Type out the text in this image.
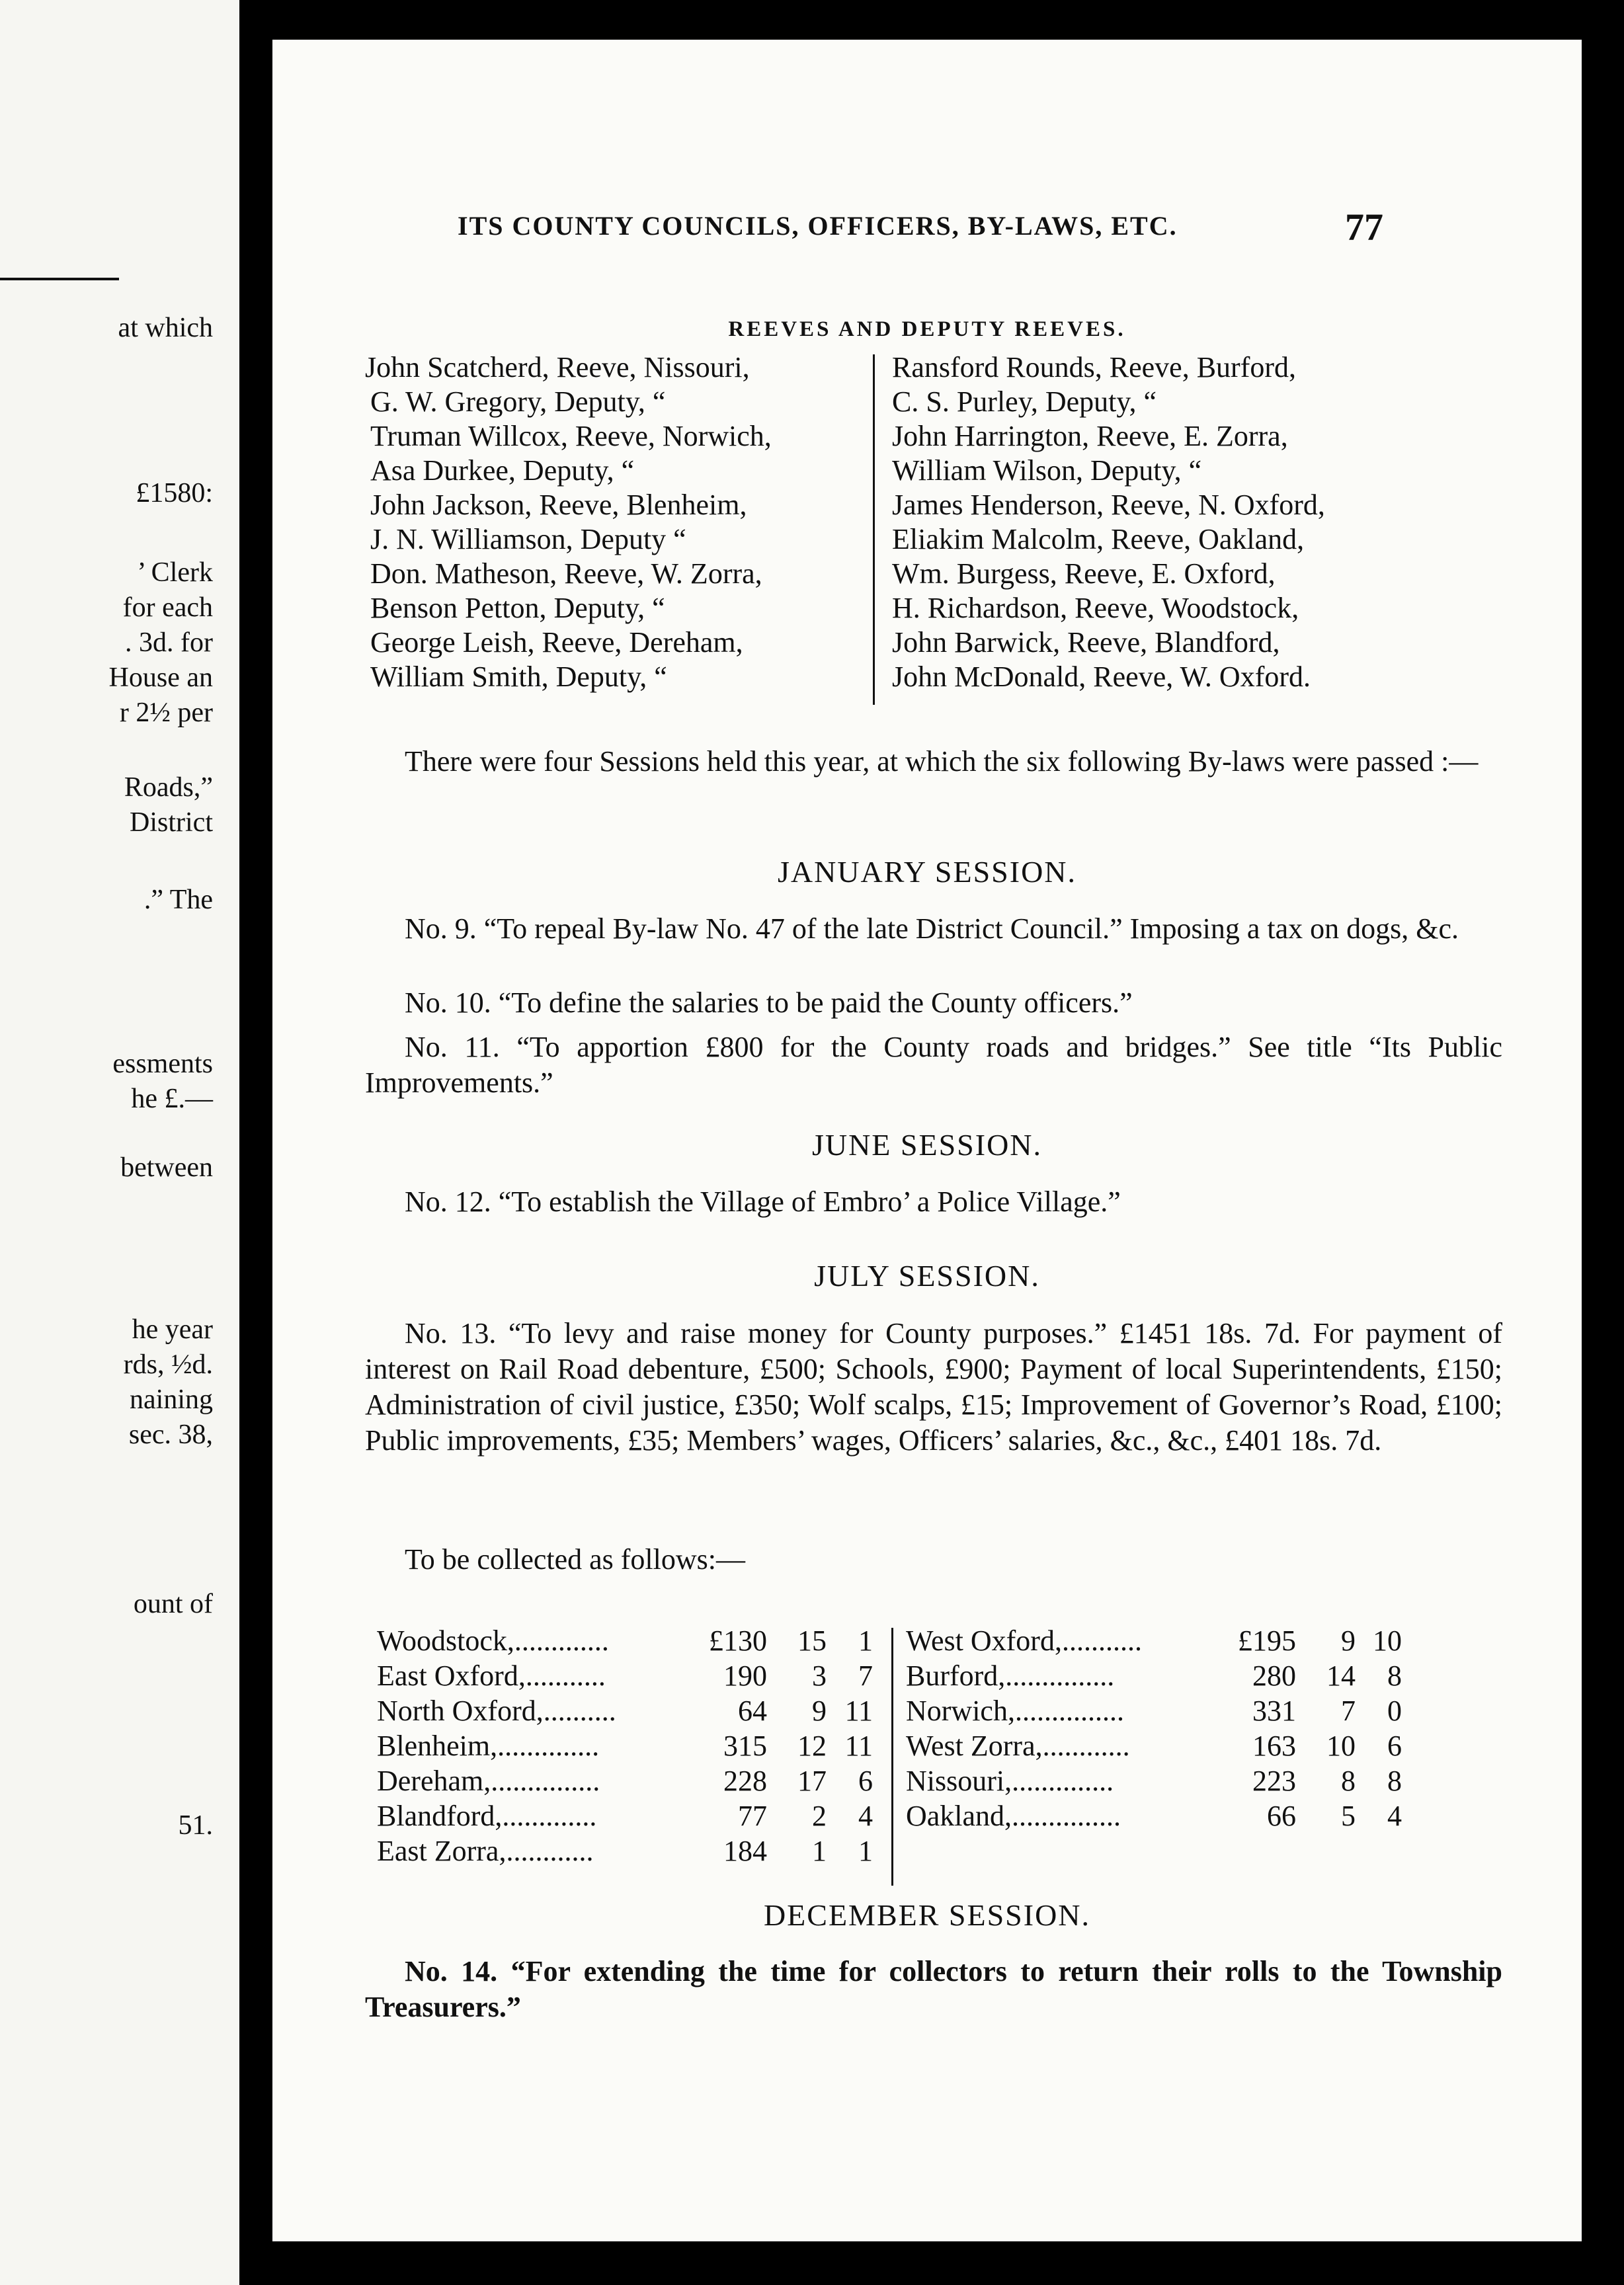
at which
£1580:
’ Clerk
for each
. 3d. for
House an
r 2½ per
Roads,”
District
.” The
essments
he £.—
between
he year
rds, ½d.
naining
sec. 38,
ount of
51.
ITS COUNTY COUNCILS, OFFICERS, BY-LAWS, ETC.	77
REEVES AND DEPUTY REEVES.
John Scatcherd, Reeve, Nissouri,
G. W. Gregory, Deputy, “
Truman Willcox, Reeve, Norwich,
Asa Durkee, Deputy, “
John Jackson, Reeve, Blenheim,
J. N. Williamson, Deputy “
Don. Matheson, Reeve, W. Zorra,
Benson Petton, Deputy, “
George Leish, Reeve, Dereham,
William Smith, Deputy, “
Ransford Rounds, Reeve, Burford,
C. S. Purley, Deputy, “
John Harrington, Reeve, E. Zorra,
William Wilson, Deputy, “
James Henderson, Reeve, N. Oxford,
Eliakim Malcolm, Reeve, Oakland,
Wm. Burgess, Reeve, E. Oxford,
H. Richardson, Reeve, Woodstock,
John Barwick, Reeve, Blandford,
John McDonald, Reeve, W. Oxford.
There were four Sessions held this year, at which the six following By-laws were passed :—
JANUARY SESSION.
No. 9. “To repeal By-law No. 47 of the late District Council.” Imposing a tax on dogs, &c.
No. 10. “To define the salaries to be paid the County officers.”
No. 11. “To apportion £800 for the County roads and bridges.” See title “Its Public Improvements.”
JUNE SESSION.
No. 12. “To establish the Village of Embro’ a Police Village.”
JULY SESSION.
No. 13. “To levy and raise money for County purposes.” £1451 18s. 7d. For payment of interest on Rail Road debenture, £500; Schools, £900; Payment of local Superintendents, £150; Administration of civil justice, £350; Wolf scalps, £15; Improvement of Governor’s Road, £100; Public improvements, £35; Members’ wages, Officers’ salaries, &c., &c., £401 18s. 7d.
To be collected as follows:—
Woodstock,.............	£130	15	1
East Oxford,...........	190	3	7
North Oxford,..........	64	9 11
Blenheim,..............	315	12 11
Dereham,...............	228	17	6
Blandford,.............	77	2	4
East Zorra,............	184	1	1
West Oxford,...........	£195	9 10
Burford,...............	280	14	8
Norwich,...............	331	7	0
West Zorra,............	163	10	6
Nissouri,..............	223	8	8
Oakland,...............	66	5	4
DECEMBER SESSION.
No. 14. “For extending the time for collectors to return their rolls to the Township Treasurers.”
